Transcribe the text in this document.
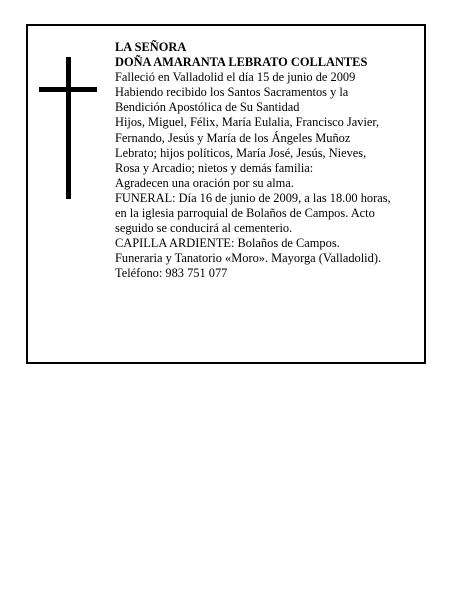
LA SEÑORA
DOÑA AMARANTA LEBRATO COLLANTES
Falleció en Valladolid el día 15 de junio de 2009
Habiendo recibido los Santos Sacramentos y la
Bendición Apostólica de Su Santidad
Hijos, Miguel, Félix, María Eulalia, Francisco Javier,
Fernando, Jesús y María de los Ángeles Muñoz
Lebrato; hijos políticos, María José, Jesús, Nieves,
Rosa y Arcadio; nietos y demás familia:
Agradecen una oración por su alma.
FUNERAL: Día 16 de junio de 2009, a las 18.00 horas,
en la iglesia parroquial de Bolaños de Campos. Acto
seguido se conducirá al cementerio.
CAPILLA ARDIENTE: Bolaños de Campos.
Funeraria y Tanatorio «Moro». Mayorga (Valladolid).
Teléfono: 983 751 077
